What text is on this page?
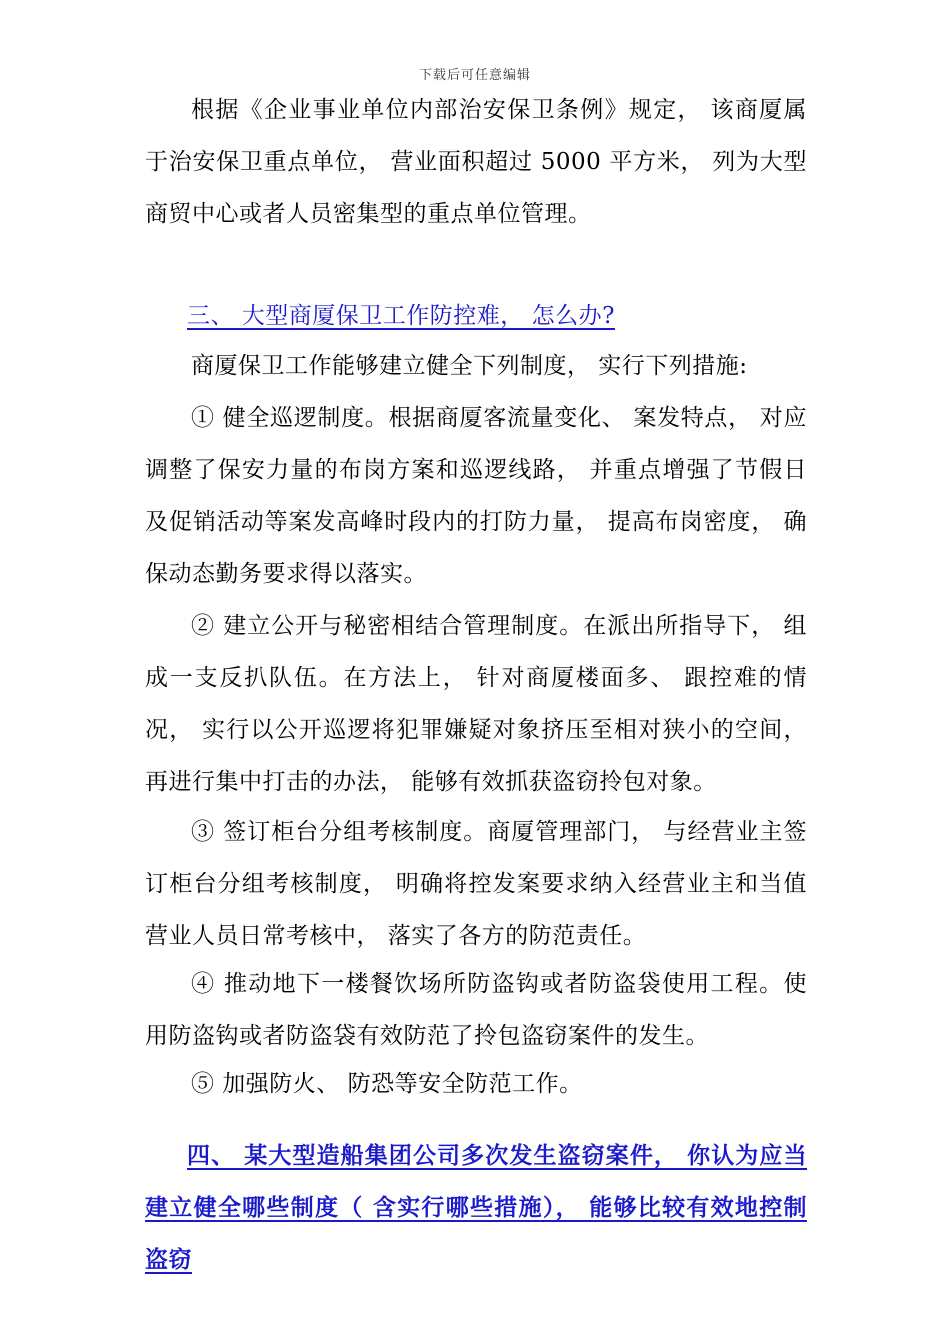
下载后可任意编辑

根据《企业事业单位内部治安保卫条例》规定， 该商厦属于治安保卫重点单位， 营业面积超过 5000 平方米， 列为大型商贸中心或者人员密集型的重点单位管理。

三、 大型商厦保卫工作防控难， 怎么办?

商厦保卫工作能够建立健全下列制度， 实行下列措施:

① 健全巡逻制度。根据商厦客流量变化、 案发特点， 对应调整了保安力量的布岗方案和巡逻线路， 并重点增强了节假日及促销活动等案发高峰时段内的打防力量， 提高布岗密度， 确保动态勤务要求得以落实。

② 建立公开与秘密相结合管理制度。在派出所指导下， 组成一支反扒队伍。在方法上， 针对商厦楼面多、 跟控难的情况， 实行以公开巡逻将犯罪嫌疑对象挤压至相对狭小的空间， 再进行集中打击的办法， 能够有效抓获盗窃拎包对象。

③ 签订柜台分组考核制度。商厦管理部门， 与经营业主签订柜台分组考核制度， 明确将控发案要求纳入经营业主和当值营业人员日常考核中， 落实了各方的防范责任。

④ 推动地下一楼餐饮场所防盗钩或者防盗袋使用工程。使用防盗钩或者防盗袋有效防范了拎包盗窃案件的发生。

⑤ 加强防火、 防恐等安全防范工作。

四、 某大型造船集团公司多次发生盗窃案件， 你认为应当建立健全哪些制度（ 含实行哪些措施）， 能够比较有效地控制盗窃
